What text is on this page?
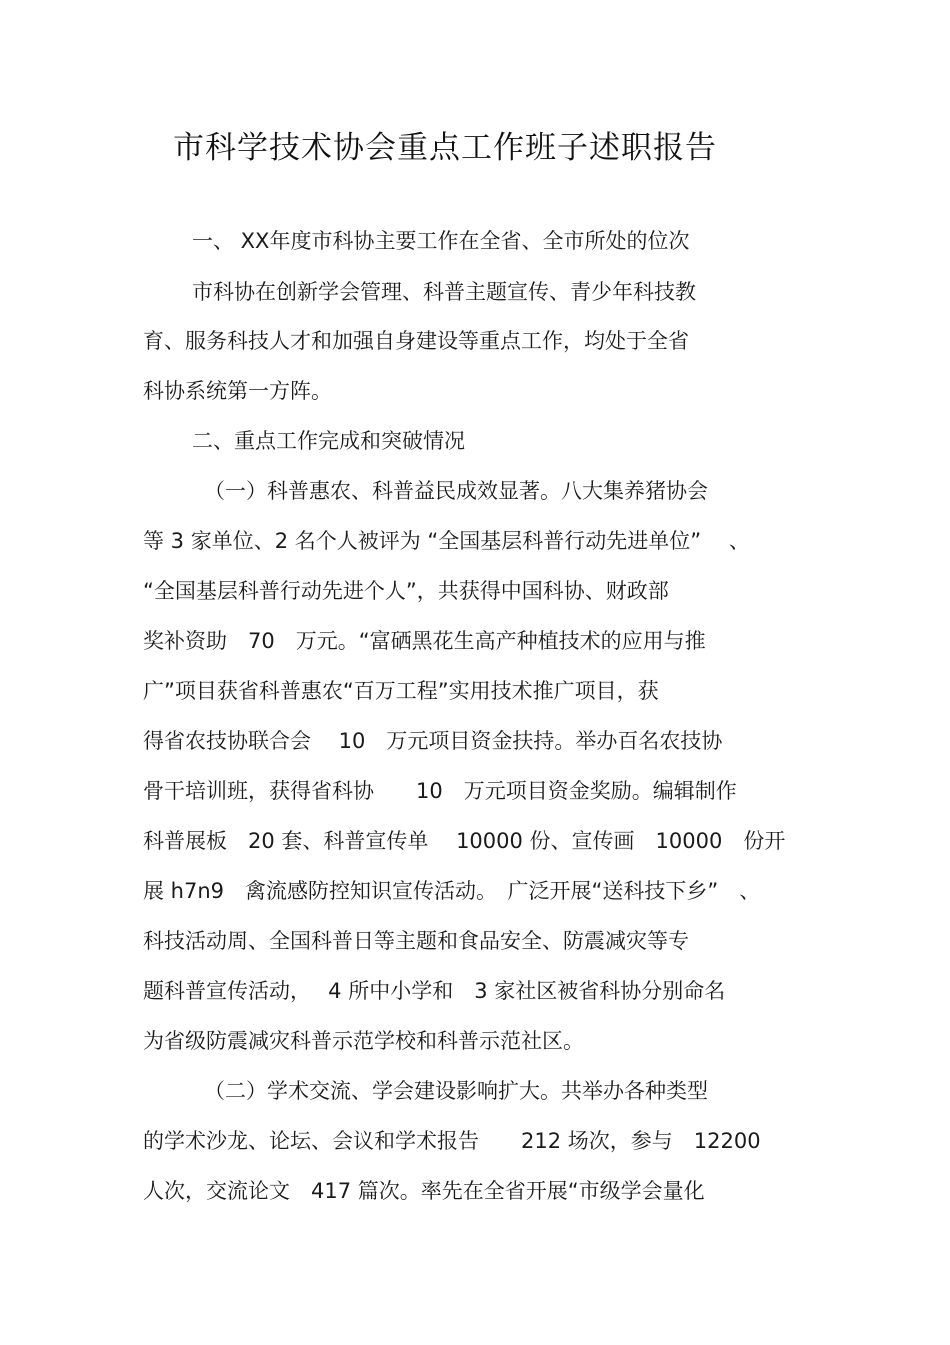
市科学技术协会重点工作班子述职报告
一、 XX年度市科协主要工作在全省、全市所处的位次
市科协在创新学会管理、科普主题宣传、青少年科技教
育、服务科技人才和加强自身建设等重点工作，均处于全省
科协系统第一方阵。
二、重点工作完成和突破情况
（一）科普惠农、科普益民成效显著。八大集养猪协会
等 3 家单位、2 名个人被评为 “全国基层科普行动先进单位”　 、
“全国基层科普行动先进个人”，共获得中国科协、财政部
奖补资助　70　万元。“富硒黑花生高产种植技术的应用与推
广”项目获省科普惠农“百万工程”实用技术推广项目，获
得省农技协联合会　 10　万元项目资金扶持。举办百名农技协
骨干培训班，获得省科协　　10　万元项目资金奖励。编辑制作
科普展板　20 套、科普宣传单　 10000 份、宣传画　10000　份开
展 h7n9　禽流感防控知识宣传活动。　广泛开展“送科技下乡”　、
科技活动周、全国科普日等主题和食品安全、防震减灾等专
题科普宣传活动，　 4 所中小学和　3 家社区被省科协分别命名
为省级防震减灾科普示范学校和科普示范社区。
（二）学术交流、学会建设影响扩大。共举办各种类型
的学术沙龙、论坛、会议和学术报告　　212 场次，参与　12200
人次，交流论文　417 篇次。率先在全省开展“市级学会量化
